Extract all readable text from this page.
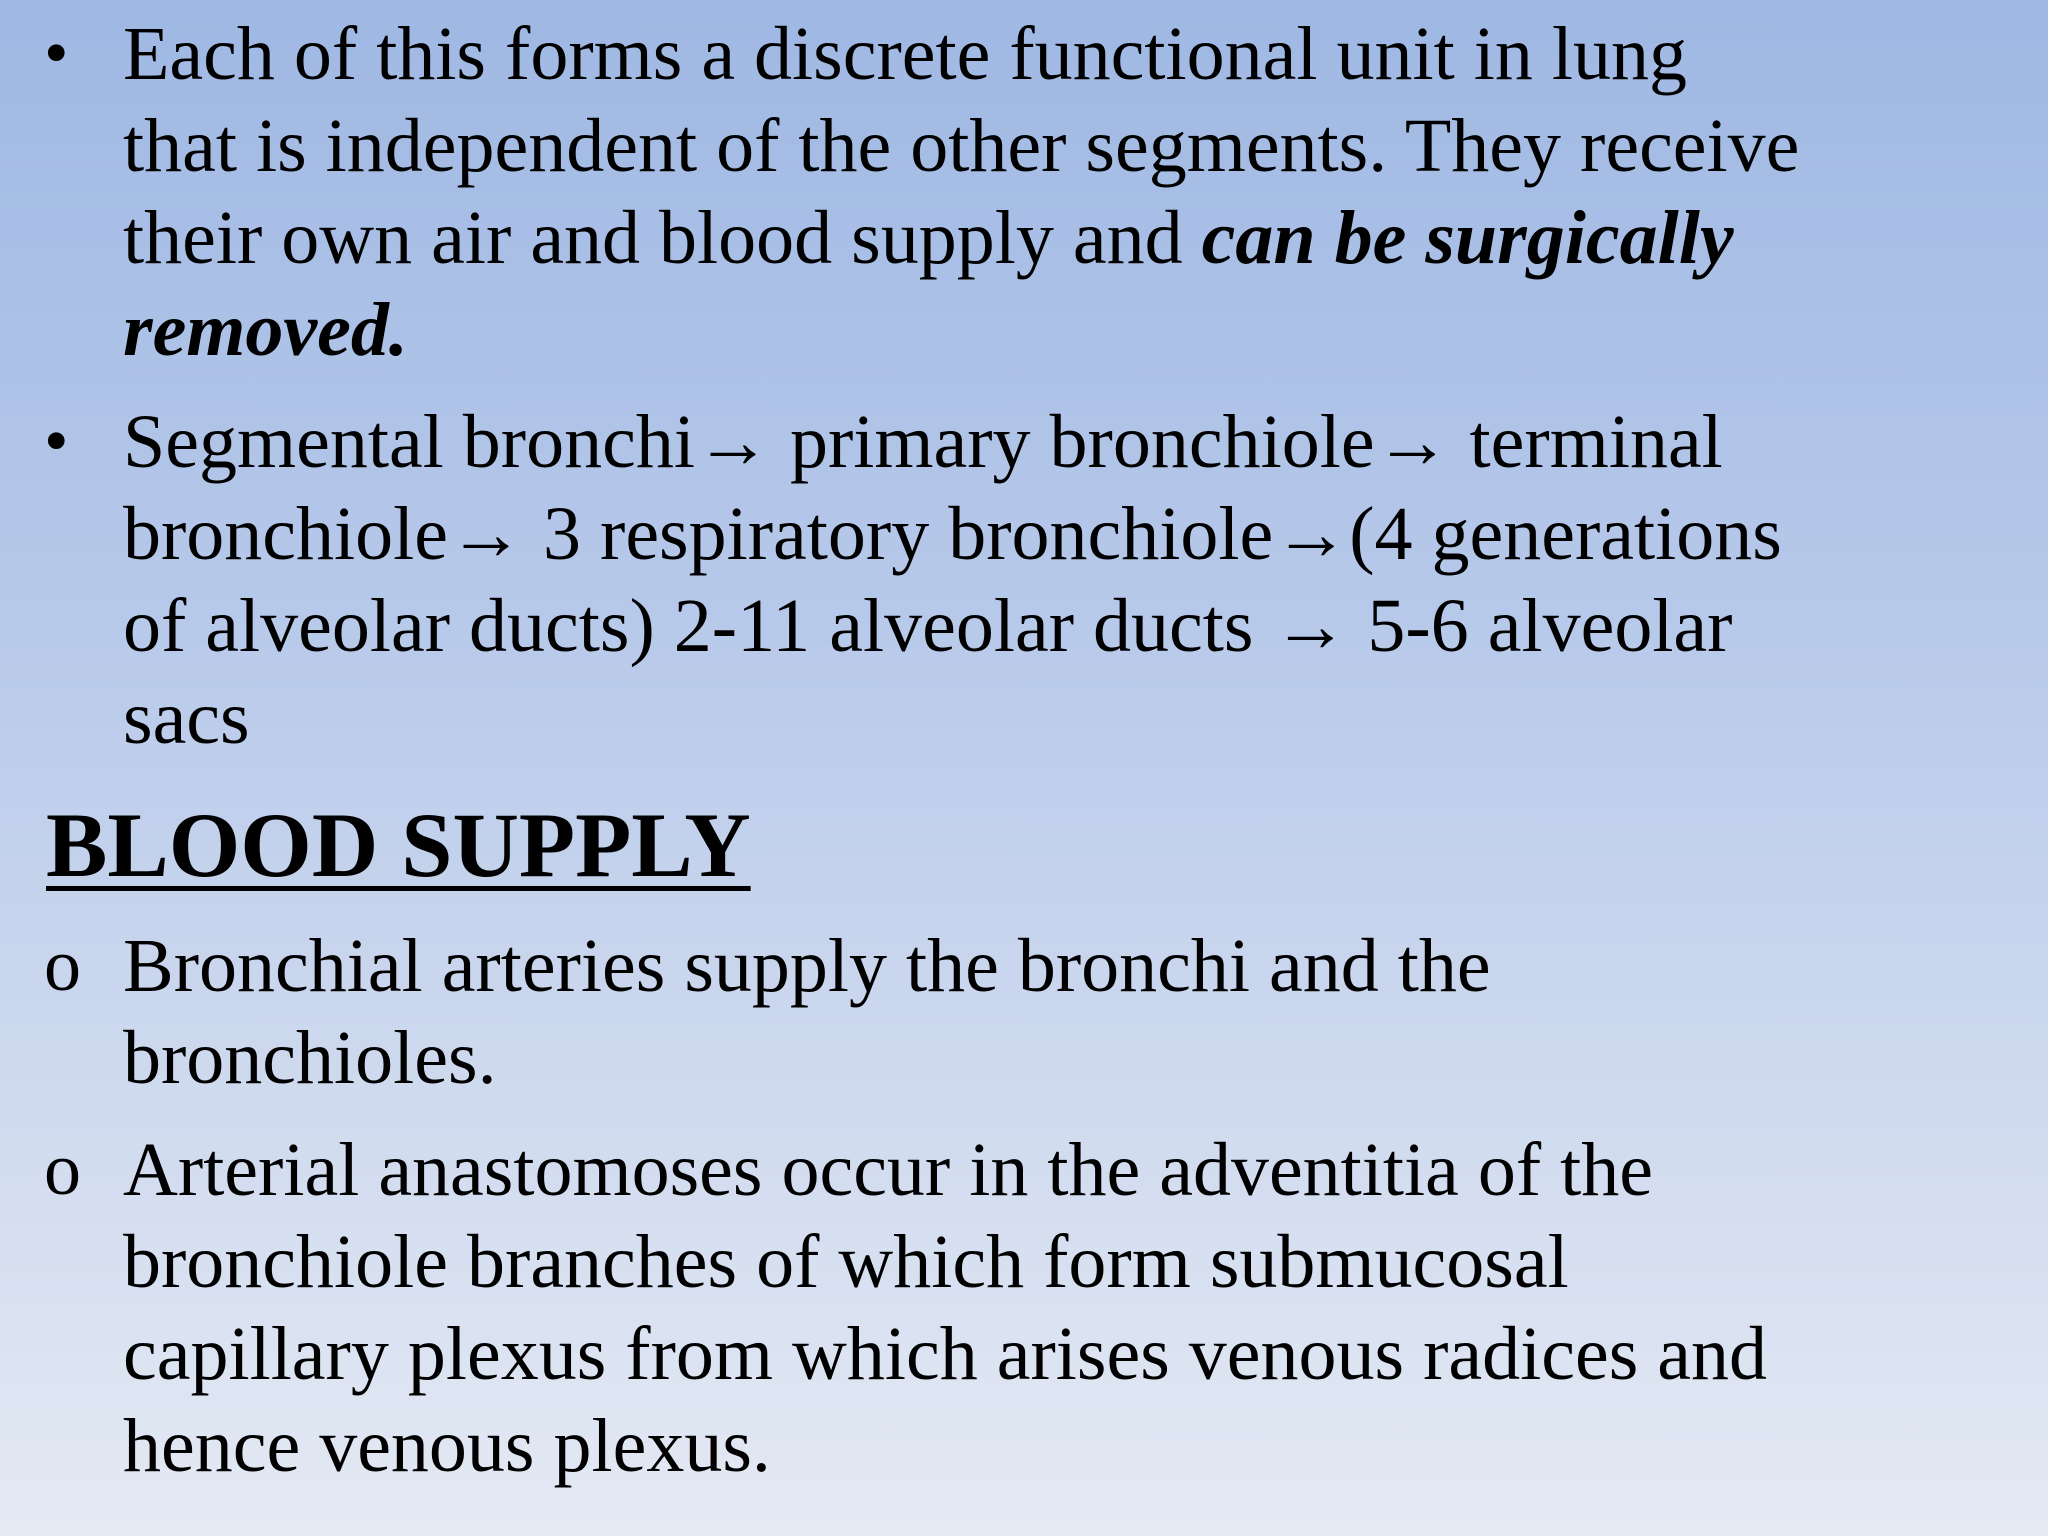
• Each of this forms a discrete functional unit in lung
that is independent of the other segments. They receive
their own air and blood supply and can be surgically
removed.
• Segmental bronchi→ primary bronchiole→ terminal
bronchiole→ 3 respiratory bronchiole→(4 generations
of alveolar ducts) 2-11 alveolar ducts → 5-6 alveolar
sacs
BLOOD SUPPLY
o Bronchial arteries supply the bronchi and the
bronchioles.
o Arterial anastomoses occur in the adventitia of the
bronchiole branches of which form submucosal
capillary plexus from which arises venous radices and
hence venous plexus.
